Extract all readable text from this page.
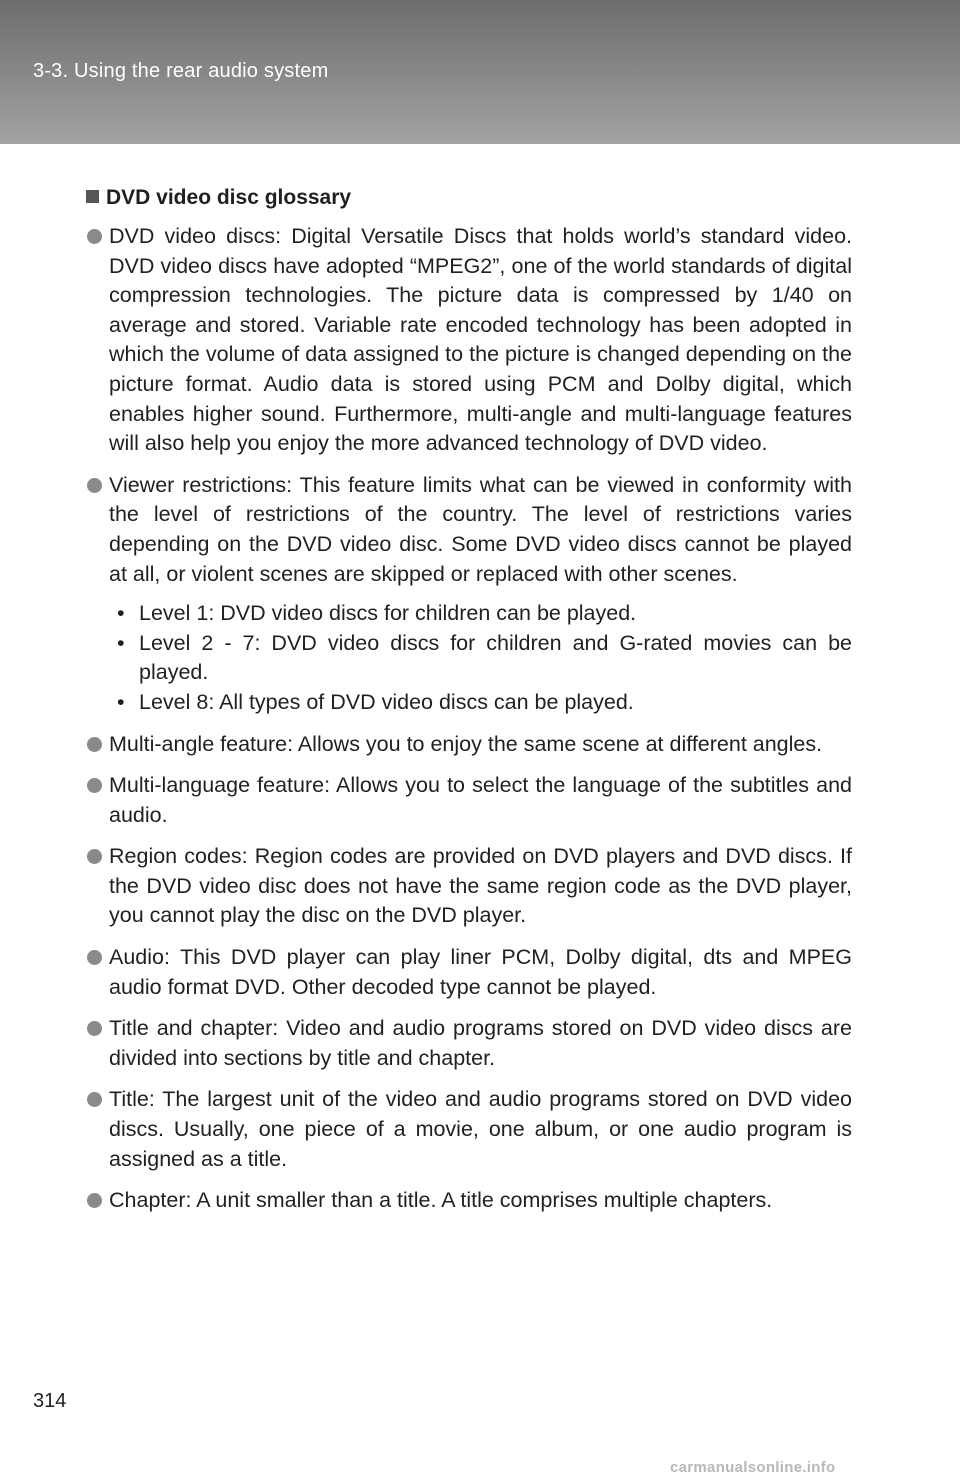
3-3. Using the rear audio system
DVD video disc glossary
DVD video discs: Digital Versatile Discs that holds world’s standard video. DVD video discs have adopted “MPEG2”, one of the world standards of digital compression technologies. The picture data is compressed by 1/40 on average and stored. Variable rate encoded technology has been adopted in which the volume of data assigned to the picture is changed depending on the picture format. Audio data is stored using PCM and Dolby digital, which enables higher sound. Furthermore, multi-angle and multi-language features will also help you enjoy the more advanced technology of DVD video.
Viewer restrictions: This feature limits what can be viewed in conformity with the level of restrictions of the country. The level of restrictions varies depending on the DVD video disc. Some DVD video discs cannot be played at all, or violent scenes are skipped or replaced with other scenes.
• Level 1: DVD video discs for children can be played.
• Level 2 - 7: DVD video discs for children and G-rated movies can be played.
• Level 8: All types of DVD video discs can be played.
Multi-angle feature: Allows you to enjoy the same scene at different angles.
Multi-language feature: Allows you to select the language of the subtitles and audio.
Region codes: Region codes are provided on DVD players and DVD discs. If the DVD video disc does not have the same region code as the DVD player, you cannot play the disc on the DVD player.
Audio: This DVD player can play liner PCM, Dolby digital, dts and MPEG audio format DVD. Other decoded type cannot be played.
Title and chapter: Video and audio programs stored on DVD video discs are divided into sections by title and chapter.
Title: The largest unit of the video and audio programs stored on DVD video discs. Usually, one piece of a movie, one album, or one audio program is assigned as a title.
Chapter: A unit smaller than a title. A title comprises multiple chapters.
314
carmanualsonline.info
